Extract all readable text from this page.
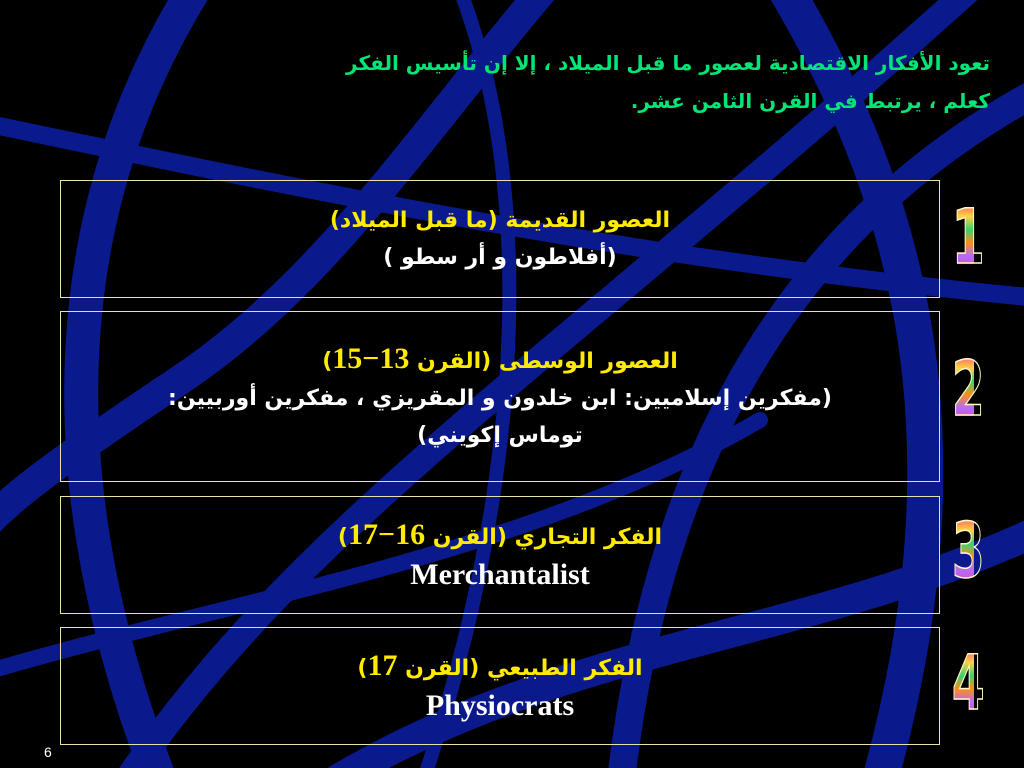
تعود الأفكار الاقتصادية لعصور ما قبل الميلاد ، إلا إن تأسيس الفكر
كعلم ، يرتبط في القرن الثامن عشر.
العصور القديمة (ما قبل الميلاد)
(أفلاطون و أر سطو )	1
العصور الوسطى (القرن 13−15)
(مفكرين إسلاميين: ابن خلدون و المقريزي ، مفكرين أوربيين:
توماس إكويني)
2
الفكر التجاري (القرن 16−17)
Merchantalist	3
الفكر الطبيعي (القرن 17)
Physiocrats	4
6
